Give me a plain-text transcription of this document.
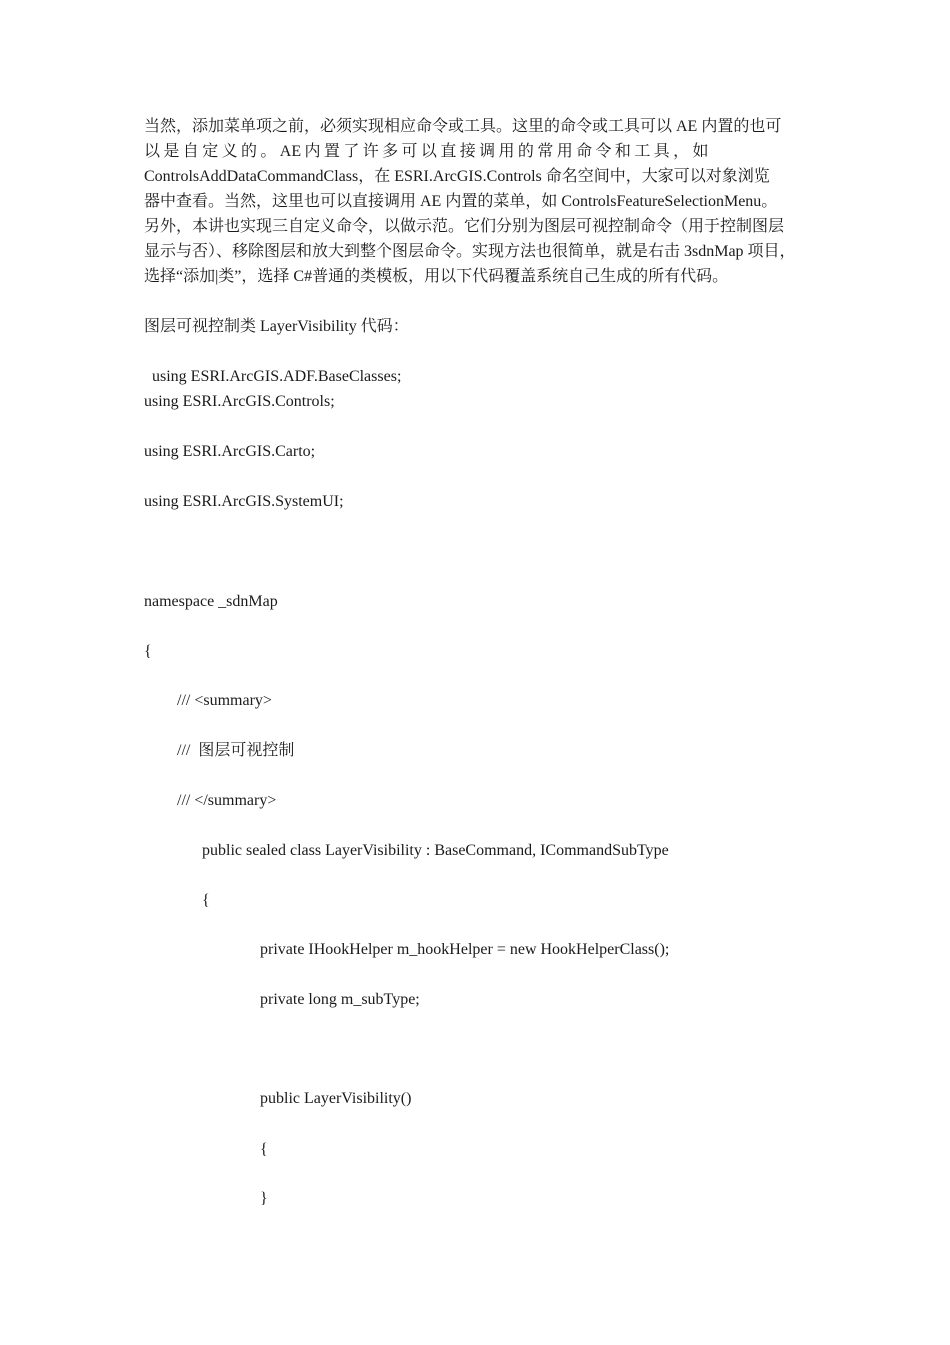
当然，添加菜单项之前，必须实现相应命令或工具。这里的命令或工具可以 AE 内置的也可
以 是 自 定 义 的 。 AE 内 置 了 许 多 可 以 直 接 调 用 的 常 用 命 令 和 工 具 ， 如
ControlsAddDataCommandClass，在 ESRI.ArcGIS.Controls 命名空间中，大家可以对象浏览
器中查看。当然，这里也可以直接调用 AE 内置的菜单，如 ControlsFeatureSelectionMenu。
另外，本讲也实现三自定义命令，以做示范。它们分别为图层可视控制命令（用于控制图层
显示与否）、移除图层和放大到整个图层命令。实现方法也很简单，就是右击 3sdnMap 项目，
选择“添加|类”，选择 C#普通的类模板，用以下代码覆盖系统自己生成的所有代码。
图层可视控制类 LayerVisibility 代码：
using ESRI.ArcGIS.ADF.BaseClasses;
using ESRI.ArcGIS.Controls;
using ESRI.ArcGIS.Carto;
using ESRI.ArcGIS.SystemUI;
namespace _sdnMap
{
/// <summary>
///  图层可视控制
/// </summary>
public sealed class LayerVisibility : BaseCommand, ICommandSubType
{
private IHookHelper m_hookHelper = new HookHelperClass();
private long m_subType;
public LayerVisibility()
{
}
